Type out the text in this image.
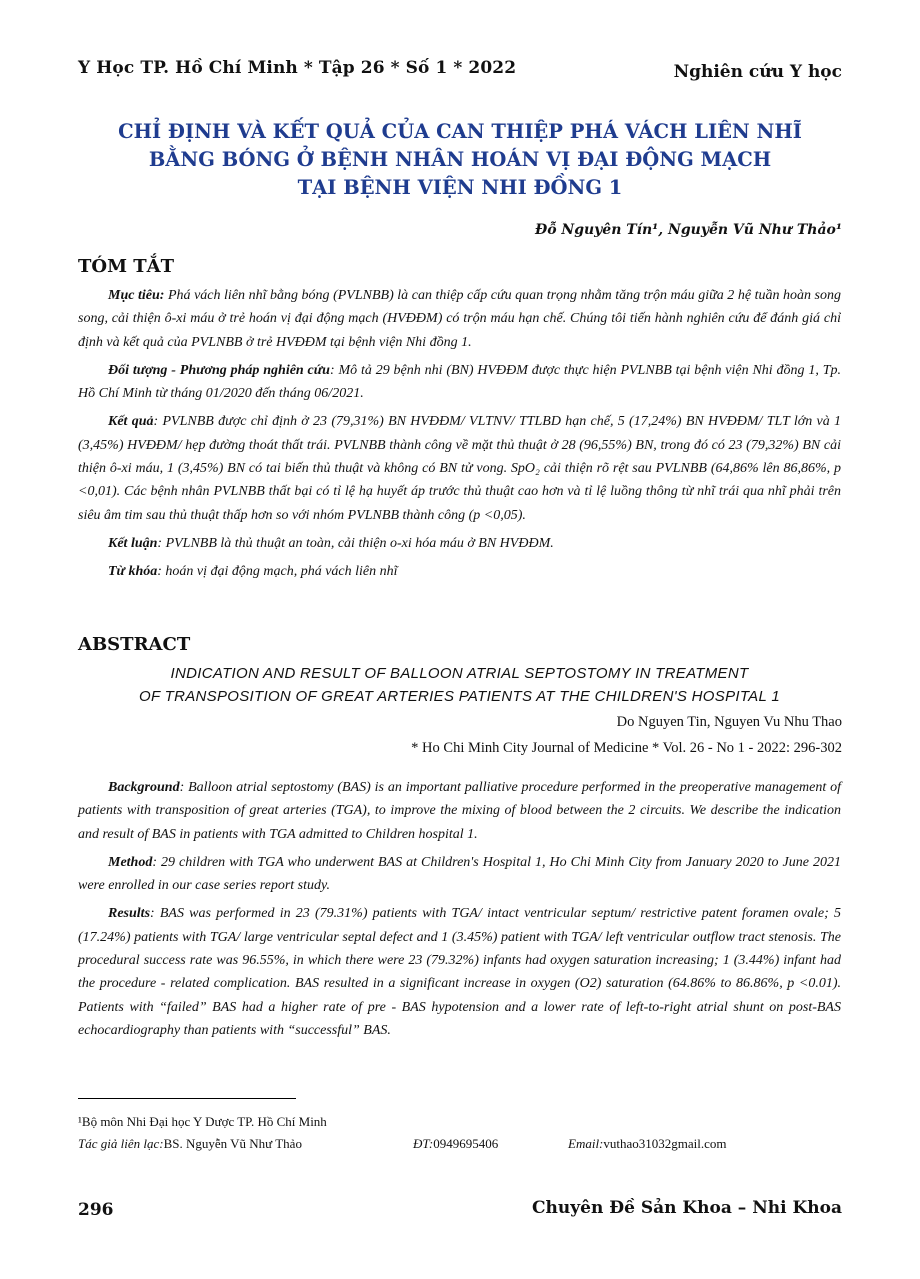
Y Học TP. Hồ Chí Minh * Tập 26 * Số 1 * 2022	Nghiên cứu Y học
CHỈ ĐỊNH VÀ KẾT QUẢ CỦA CAN THIỆP PHÁ VÁCH LIÊN NHĨ
BẰNG BÓNG Ở BỆNH NHÂN HOÁN VỊ ĐẠI ĐỘNG MẠCH
TẠI BỆNH VIỆN NHI ĐỒNG 1
Đỗ Nguyên Tín¹, Nguyễn Vũ Như Thảo¹
TÓM TẮT

Mục tiêu: Phá vách liên nhĩ bằng bóng (PVLNBB) là can thiệp cấp cứu quan trọng nhằm tăng trộn máu giữa 2 hệ tuần hoàn song song, cải thiện ô-xi máu ở trẻ hoán vị đại động mạch (HVĐĐM) có trộn máu hạn chế. Chúng tôi tiến hành nghiên cứu để đánh giá chỉ định và kết quả của PVLNBB ở trẻ HVĐĐM tại bệnh viện Nhi đồng 1.

Đối tượng - Phương pháp nghiên cứu: Mô tả 29 bệnh nhi (BN) HVĐĐM được thực hiện PVLNBB tại bệnh viện Nhi đồng 1, Tp. Hồ Chí Minh từ tháng 01/2020 đến tháng 06/2021.

Kết quả: PVLNBB được chỉ định ở 23 (79,31%) BN HVĐĐM/ VLTNV/ TTLBD hạn chế, 5 (17,24%) BN HVĐĐM/ TLT lớn và 1 (3,45%) HVĐĐM/ hẹp đường thoát thất trái. PVLNBB thành công về mặt thủ thuật ở 28 (96,55%) BN, trong đó có 23 (79,32%) BN cải thiện ô-xi máu, 1 (3,45%) BN có tai biến thủ thuật và không có BN tử vong. SpO₂ cải thiện rõ rệt sau PVLNBB (64,86% lên 86,86%, p <0,01). Các bệnh nhân PVLNBB thất bại có tỉ lệ hạ huyết áp trước thủ thuật cao hơn và tỉ lệ luồng thông từ nhĩ trái qua nhĩ phải trên siêu âm tim sau thủ thuật thấp hơn so với nhóm PVLNBB thành công (p <0,05).

Kết luận: PVLNBB là thủ thuật an toàn, cải thiện o-xi hóa máu ở BN HVĐĐM.

Từ khóa: hoán vị đại động mạch, phá vách liên nhĩ

ABSTRACT
INDICATION AND RESULT OF BALLOON ATRIAL SEPTOSTOMY IN TREATMENT
OF TRANSPOSITION OF GREAT ARTERIES PATIENTS AT THE CHILDREN'S HOSPITAL 1
Do Nguyen Tin, Nguyen Vu Nhu Thao
* Ho Chi Minh City Journal of Medicine * Vol. 26 - No 1 - 2022: 296-302

Background: Balloon atrial septostomy (BAS) is an important palliative procedure performed in the preoperative management of patients with transposition of great arteries (TGA), to improve the mixing of blood between the 2 circuits. We describe the indication and result of BAS in patients with TGA admitted to Children hospital 1.

Method: 29 children with TGA who underwent BAS at Children's Hospital 1, Ho Chi Minh City from January 2020 to June 2021 were enrolled in our case series report study.

Results: BAS was performed in 23 (79.31%) patients with TGA/ intact ventricular septum/ restrictive patent foramen ovale; 5 (17.24%) patients with TGA/ large ventricular septal defect and 1 (3.45%) patient with TGA/ left ventricular outflow tract stenosis. The procedural success rate was 96.55%, in which there were 23 (79.32%) infants had oxygen saturation increasing; 1 (3.44%) infant had the procedure - related complication. BAS resulted in a significant increase in oxygen (O2) saturation (64.86% to 86.86%, p <0.01). Patients with “failed” BAS had a higher rate of pre - BAS hypotension and a lower rate of left-to-right atrial shunt on post-BAS echocardiography than patients with “successful” BAS.

¹Bộ môn Nhi Đại học Y Dược TP. Hồ Chí Minh
Tác giả liên lạc:BS. Nguyễn Vũ Như Thảo	ĐT:0949695406	Email:vuthao31032gmail.com
296	Chuyên Đề Sản Khoa – Nhi Khoa
